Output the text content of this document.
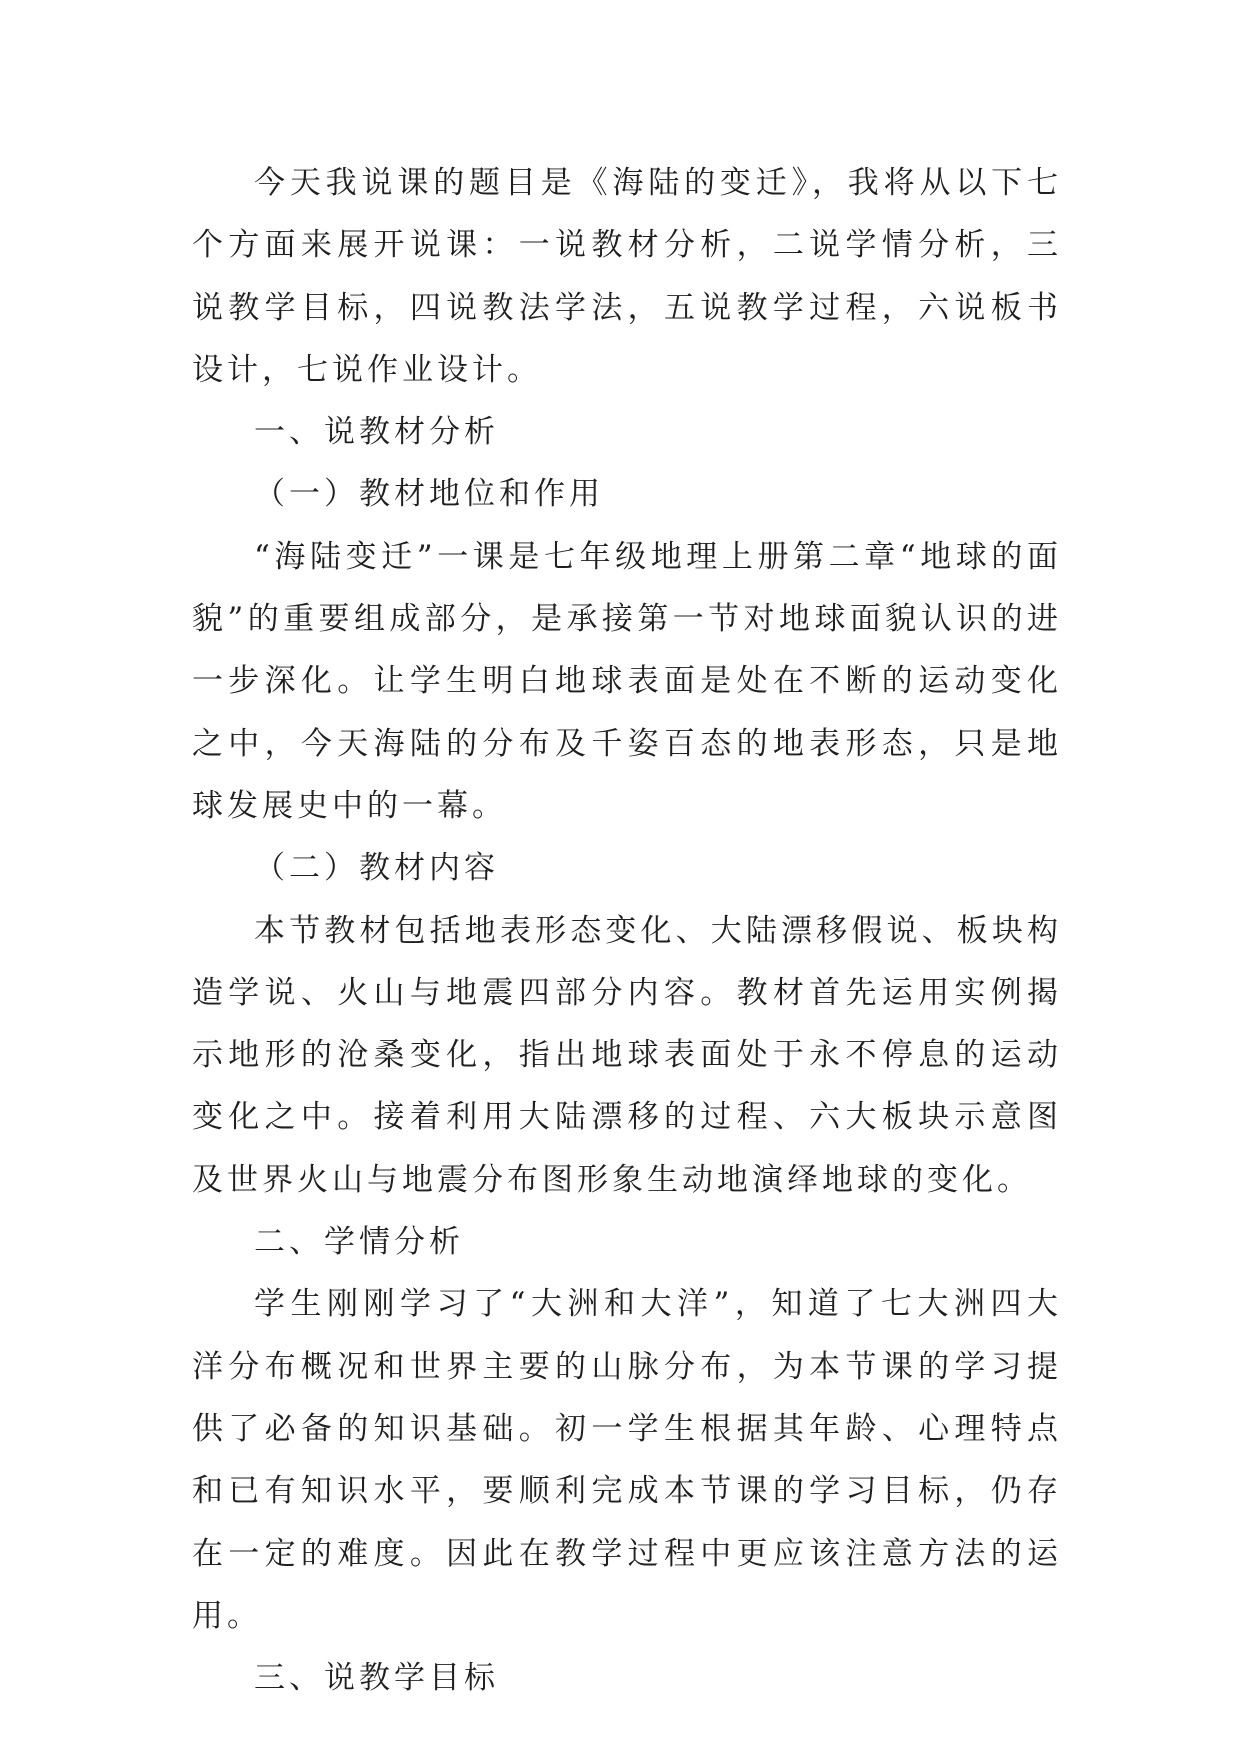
今天我说课的题目是《海陆的变迁》，我将从以下七个方面来展开说课：一说教材分析，二说学情分析，三说教学目标，四说教法学法，五说教学过程，六说板书设计，七说作业设计。

一、说教材分析

（一）教材地位和作用

“海陆变迁”一课是七年级地理上册第二章“地球的面貌”的重要组成部分，是承接第一节对地球面貌认识的进一步深化。让学生明白地球表面是处在不断的运动变化之中，今天海陆的分布及千姿百态的地表形态，只是地球发展史中的一幕。

（二）教材内容

本节教材包括地表形态变化、大陆漂移假说、板块构造学说、火山与地震四部分内容。教材首先运用实例揭示地形的沧桑变化，指出地球表面处于永不停息的运动变化之中。接着利用大陆漂移的过程、六大板块示意图及世界火山与地震分布图形象生动地演绎地球的变化。

二、学情分析

学生刚刚学习了“大洲和大洋”，知道了七大洲四大洋分布概况和世界主要的山脉分布，为本节课的学习提供了必备的知识基础。初一学生根据其年龄、心理特点和已有知识水平，要顺利完成本节课的学习目标，仍存在一定的难度。因此在教学过程中更应该注意方法的运用。

三、说教学目标
